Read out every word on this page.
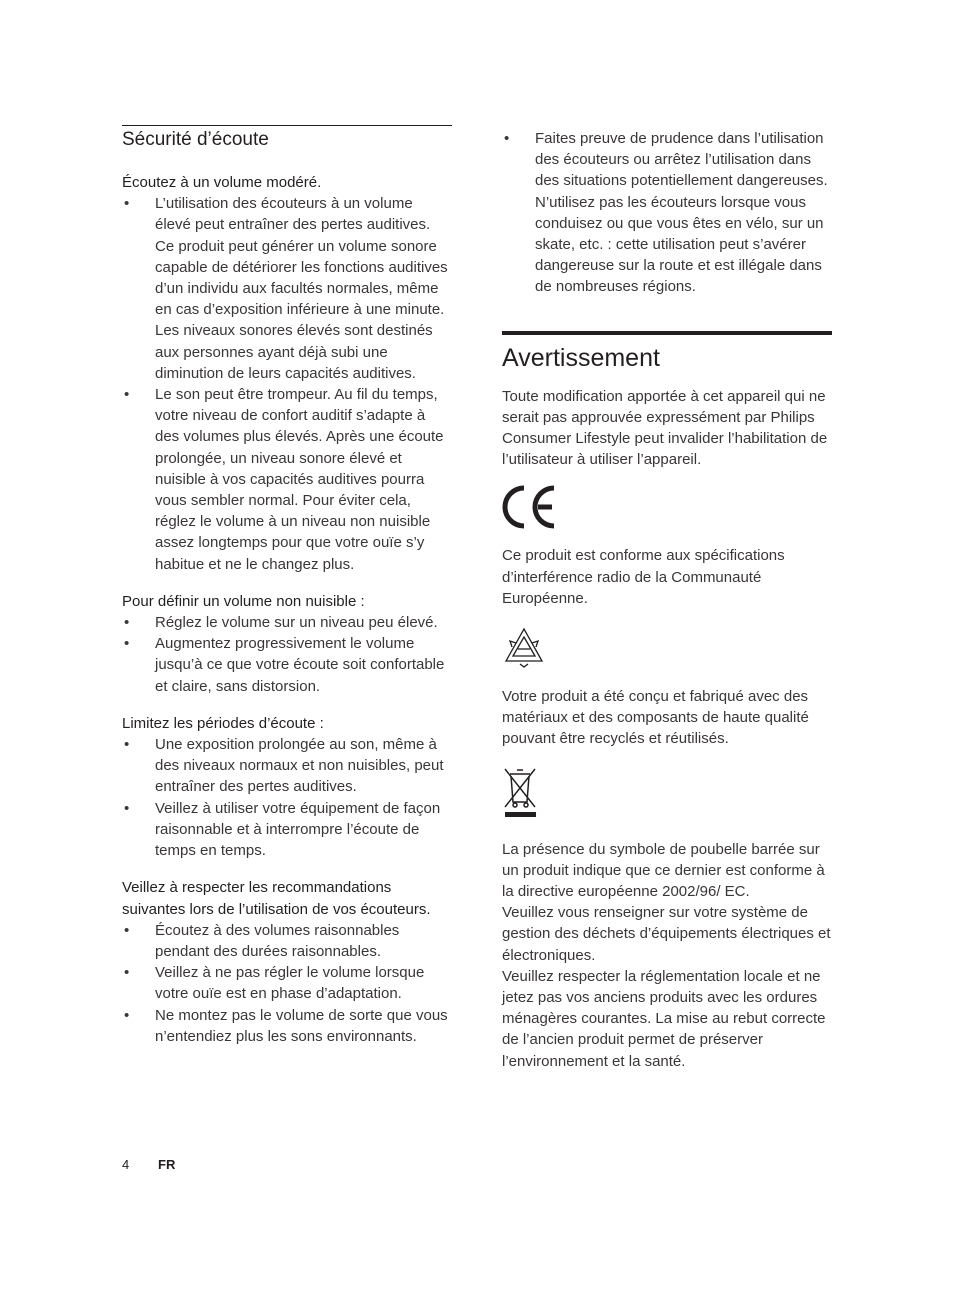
Sécurité d’écoute

Écoutez à un volume modéré.

• L’utilisation des écouteurs à un volume élevé peut entraîner des pertes auditives. Ce produit peut générer un volume sonore capable de détériorer les fonctions auditives d’un individu aux facultés normales, même en cas d’exposition inférieure à une minute. Les niveaux sonores élevés sont destinés aux personnes ayant déjà subi une diminution de leurs capacités auditives.
• Le son peut être trompeur. Au fil du temps, votre niveau de confort auditif s’adapte à des volumes plus élevés. Après une écoute prolongée, un niveau sonore élevé et nuisible à vos capacités auditives pourra vous sembler normal. Pour éviter cela, réglez le volume à un niveau non nuisible assez longtemps pour que votre ouïe s’y habitue et ne le changez plus.

Pour définir un volume non nuisible :

• Réglez le volume sur un niveau peu élevé.
• Augmentez progressivement le volume jusqu’à ce que votre écoute soit confortable et claire, sans distorsion.

Limitez les périodes d’écoute :

• Une exposition prolongée au son, même à des niveaux normaux et non nuisibles, peut entraîner des pertes auditives.
• Veillez à utiliser votre équipement de façon raisonnable et à interrompre l’écoute de temps en temps.

Veillez à respecter les recommandations suivantes lors de l’utilisation de vos écouteurs.

• Écoutez à des volumes raisonnables pendant des durées raisonnables.
• Veillez à ne pas régler le volume lorsque votre ouïe est en phase d’adaptation.
• Ne montez pas le volume de sorte que vous n’entendiez plus les sons environnants.
• Faites preuve de prudence dans l’utilisation des écouteurs ou arrêtez l’utilisation dans des situations potentiellement dangereuses. N’utilisez pas les écouteurs lorsque vous conduisez ou que vous êtes en vélo, sur un skate, etc. : cette utilisation peut s’avérer dangereuse sur la route et est illégale dans de nombreuses régions.
Avertissement

Toute modification apportée à cet appareil qui ne serait pas approuvée expressément par Philips Consumer Lifestyle peut invalider l’habilitation de l’utilisateur à utiliser l’appareil.

Ce produit est conforme aux spécifications d’interférence radio de la Communauté Européenne.

Votre produit a été conçu et fabriqué avec des matériaux et des composants de haute qualité pouvant être recyclés et réutilisés.

La présence du symbole de poubelle barrée sur un produit indique que ce dernier est conforme à la directive européenne 2002/96/ EC.

Veuillez vous renseigner sur votre système de gestion des déchets d’équipements électriques et électroniques.

Veuillez respecter la réglementation locale et ne jetez pas vos anciens produits avec les ordures ménagères courantes. La mise au rebut correcte de l’ancien produit permet de préserver l’environnement et la santé.

4 FR
